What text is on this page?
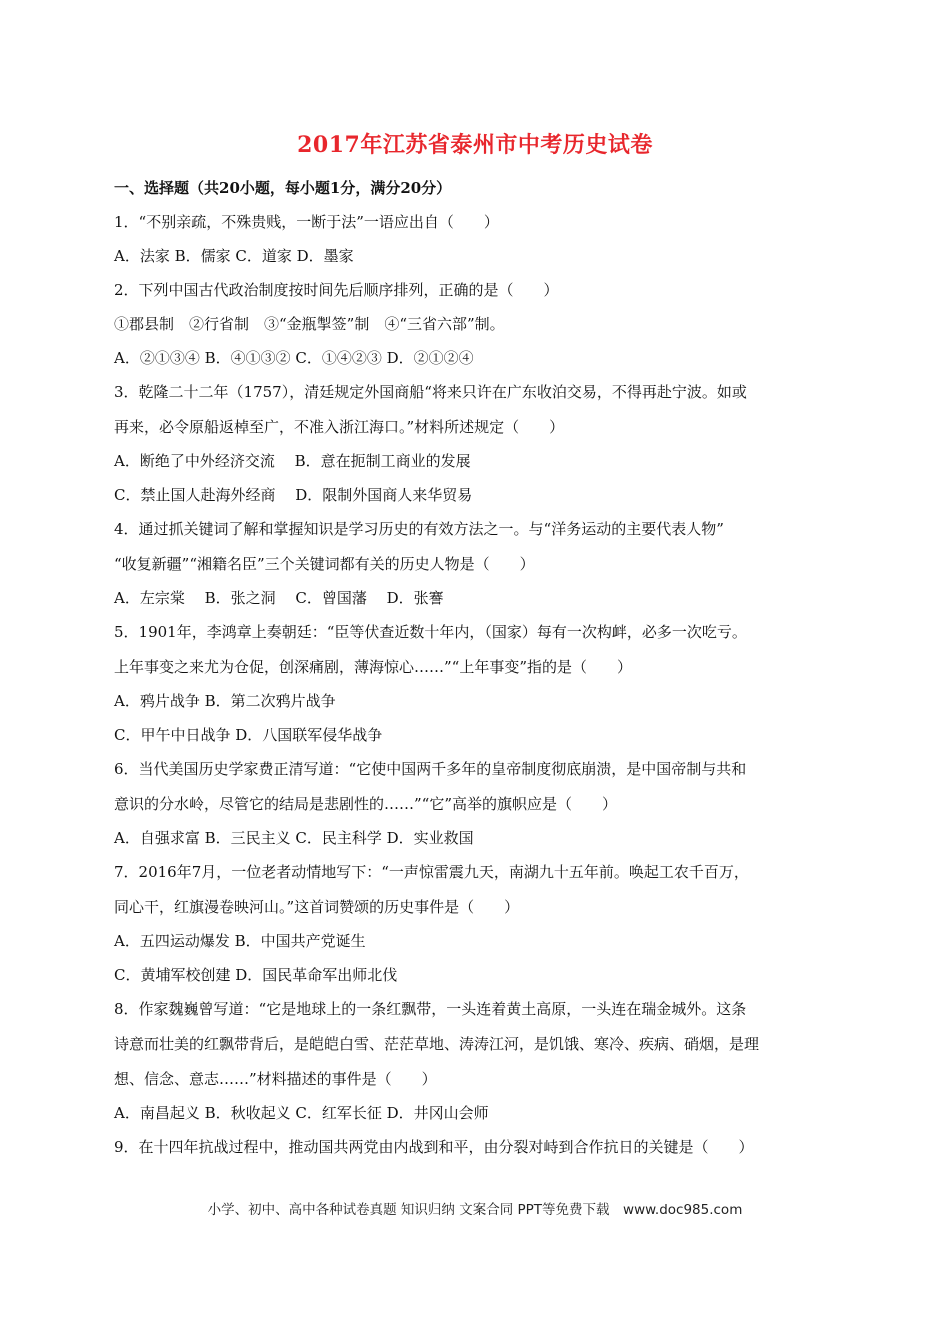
2017年江苏省泰州市中考历史试卷
一、选择题（共20小题，每小题1分，满分20分）
1．“不别亲疏，不殊贵贱，一断于法”一语应出自（　　）
A．法家 B．儒家 C．道家 D．墨家
2．下列中国古代政治制度按时间先后顺序排列，正确的是（　　）
①郡县制　②行省制　③“金瓶掣签”制　④“三省六部”制。
A．②①③④ B．④①③② C．①④②③ D．②①②④
3．乾隆二十二年（1757），清廷规定外国商船“将来只许在广东收泊交易，不得再赴宁波。如或
再来，必令原船返棹至广，不准入浙江海口。”材料所述规定（　　）
A．断绝了中外经济交流　 B．意在扼制工商业的发展
C．禁止国人赴海外经商　 D．限制外国商人来华贸易
4．通过抓关键词了解和掌握知识是学习历史的有效方法之一。与“洋务运动的主要代表人物”
“收复新疆”“湘籍名臣”三个关键词都有关的历史人物是（　　）
A．左宗棠　 B．张之洞　 C．曾国藩　 D．张謇
5．1901年，李鸿章上奏朝廷：“臣等伏查近数十年内，（国家）每有一次构衅，必多一次吃亏。
上年事变之来尤为仓促，创深痛剧，薄海惊心……”“上年事变”指的是（　　）
A．鸦片战争 B．第二次鸦片战争
C．甲午中日战争 D．八国联军侵华战争
6．当代美国历史学家费正清写道：“它使中国两千多年的皇帝制度彻底崩溃，是中国帝制与共和
意识的分水岭，尽管它的结局是悲剧性的……”“它”高举的旗帜应是（　　）
A．自强求富 B．三民主义 C．民主科学 D．实业救国
7．2016年7月，一位老者动情地写下：“一声惊雷震九天，南湖九十五年前。唤起工农千百万，
同心干，红旗漫卷映河山。”这首词赞颂的历史事件是（　　）
A．五四运动爆发 B．中国共产党诞生
C．黄埔军校创建 D．国民革命军出师北伐
8．作家魏巍曾写道：“它是地球上的一条红飘带，一头连着黄土高原，一头连在瑞金城外。这条
诗意而壮美的红飘带背后，是皑皑白雪、茫茫草地、涛涛江河，是饥饿、寒冷、疾病、硝烟，是理
想、信念、意志……”材料描述的事件是（　　）
A．南昌起义 B．秋收起义 C．红军长征 D．井冈山会师
9．在十四年抗战过程中，推动国共两党由内战到和平，由分裂对峙到合作抗日的关键是（　　）
小学、初中、高中各种试卷真题 知识归纳 文案合同 PPT等免费下载　www.doc985.com
